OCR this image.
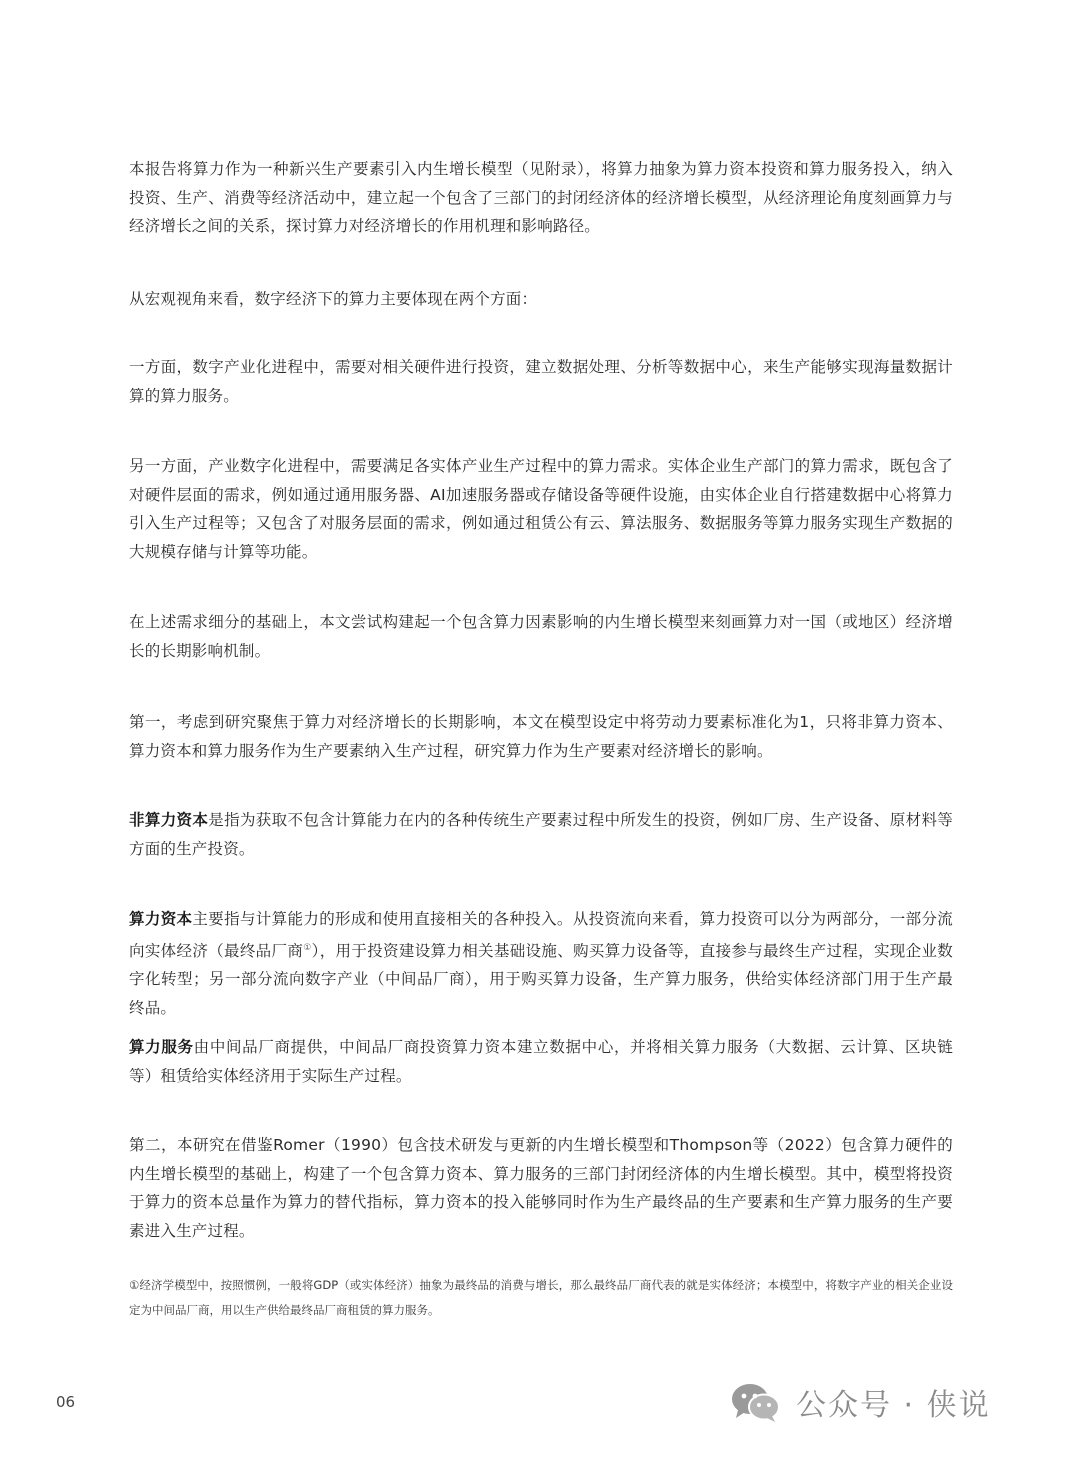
本报告将算力作为一种新兴生产要素引入内生增长模型（见附录），将算力抽象为算力资本投资和算力服务投入，纳入投资、生产、消费等经济活动中，建立起一个包含了三部门的封闭经济体的经济增长模型，从经济理论角度刻画算力与经济增长之间的关系，探讨算力对经济增长的作用机理和影响路径。

从宏观视角来看，数字经济下的算力主要体现在两个方面：

一方面，数字产业化进程中，需要对相关硬件进行投资，建立数据处理、分析等数据中心，来生产能够实现海量数据计算的算力服务。

另一方面，产业数字化进程中，需要满足各实体产业生产过程中的算力需求。实体企业生产部门的算力需求，既包含了对硬件层面的需求，例如通过通用服务器、AI加速服务器或存储设备等硬件设施，由实体企业自行搭建数据中心将算力引入生产过程等；又包含了对服务层面的需求，例如通过租赁公有云、算法服务、数据服务等算力服务实现生产数据的大规模存储与计算等功能。

在上述需求细分的基础上，本文尝试构建起一个包含算力因素影响的内生增长模型来刻画算力对一国（或地区）经济增长的长期影响机制。

第一，考虑到研究聚焦于算力对经济增长的长期影响，本文在模型设定中将劳动力要素标准化为1，只将非算力资本、算力资本和算力服务作为生产要素纳入生产过程，研究算力作为生产要素对经济增长的影响。

非算力资本是指为获取不包含计算能力在内的各种传统生产要素过程中所发生的投资，例如厂房、生产设备、原材料等方面的生产投资。

算力资本主要指与计算能力的形成和使用直接相关的各种投入。从投资流向来看，算力投资可以分为两部分，一部分流向实体经济（最终品厂商①），用于投资建设算力相关基础设施、购买算力设备等，直接参与最终生产过程，实现企业数字化转型；另一部分流向数字产业（中间品厂商），用于购买算力设备，生产算力服务，供给实体经济部门用于生产最终品。

算力服务由中间品厂商提供，中间品厂商投资算力资本建立数据中心，并将相关算力服务（大数据、云计算、区块链等）租赁给实体经济用于实际生产过程。

第二，本研究在借鉴Romer（1990）包含技术研发与更新的内生增长模型和Thompson等（2022）包含算力硬件的内生增长模型的基础上，构建了一个包含算力资本、算力服务的三部门封闭经济体的内生增长模型。其中，模型将投资于算力的资本总量作为算力的替代指标，算力资本的投入能够同时作为生产最终品的生产要素和生产算力服务的生产要素进入生产过程。

①经济学模型中，按照惯例，一般将GDP（或实体经济）抽象为最终品的消费与增长，那么最终品厂商代表的就是实体经济；本模型中，将数字产业的相关企业设定为中间品厂商，用以生产供给最终品厂商租赁的算力服务。

06	公众号 · 侠说
